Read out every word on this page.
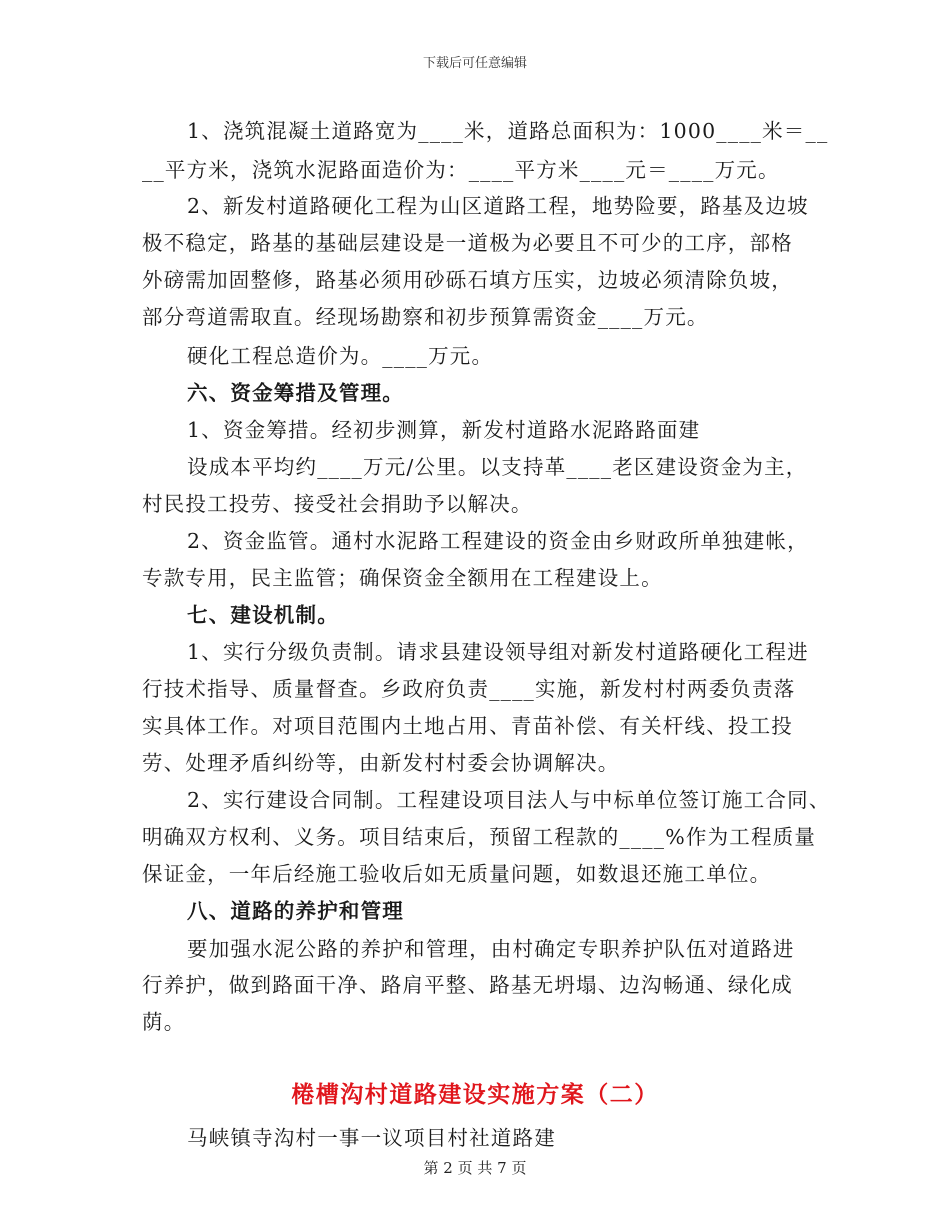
下载后可任意编辑
1、浇筑混凝土道路宽为____米，道路总面积为：1000____米＝__
__平方米，浇筑水泥路面造价为：____平方米____元＝____万元。
2、新发村道路硬化工程为山区道路工程，地势险要，路基及边坡
极不稳定，路基的基础层建设是一道极为必要且不可少的工序，部格
外磅需加固整修，路基必须用砂砾石填方压实，边坡必须清除负坡，
部分弯道需取直。经现场勘察和初步预算需资金____万元。
硬化工程总造价为。____万元。
六、资金筹措及管理。
1、资金筹措。经初步测算，新发村道路水泥路路面建
设成本平均约____万元/公里。以支持革____老区建设资金为主，
村民投工投劳、接受社会捐助予以解决。
2、资金监管。通村水泥路工程建设的资金由乡财政所单独建帐，
专款专用，民主监管；确保资金全额用在工程建设上。
七、建设机制。
1、实行分级负责制。请求县建设领导组对新发村道路硬化工程进
行技术指导、质量督查。乡政府负责____实施，新发村村两委负责落
实具体工作。对项目范围内土地占用、青苗补偿、有关杆线、投工投
劳、处理矛盾纠纷等，由新发村村委会协调解决。
2、实行建设合同制。工程建设项目法人与中标单位签订施工合同、
明确双方权利、义务。项目结束后，预留工程款的____%作为工程质量
保证金，一年后经施工验收后如无质量问题，如数退还施工单位。
八、道路的养护和管理
要加强水泥公路的养护和管理，由村确定专职养护队伍对道路进
行养护，做到路面干净、路肩平整、路基无坍塌、边沟畅通、绿化成
荫。
棬槽沟村道路建设实施方案（二）
马峡镇寺沟村一事一议项目村社道路建
第 2 页 共 7 页
